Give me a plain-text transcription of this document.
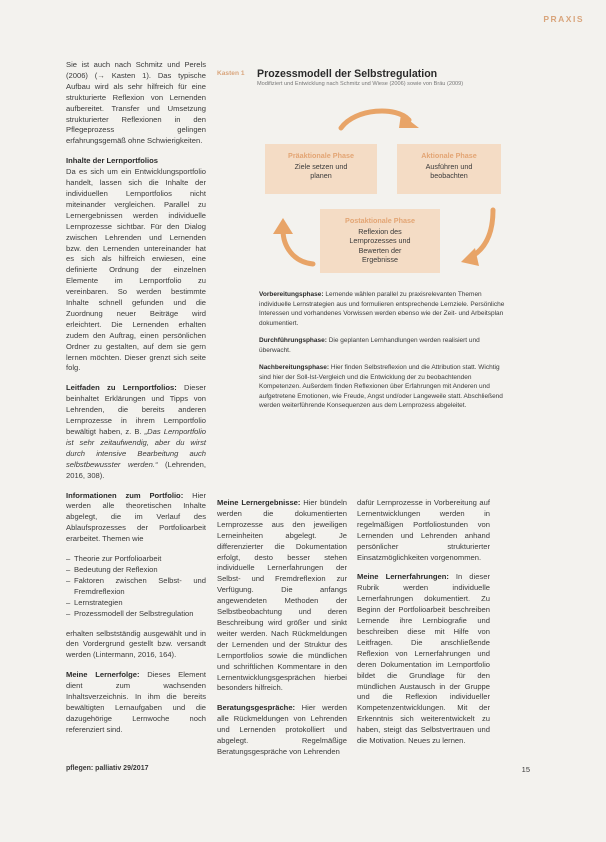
PRAXIS

Sie ist auch nach Schmitz und Perels (2006) (→ Kasten 1). Das typische Aufbau wird als sehr hilfreich für eine strukturierte Reflexion von Lernenden aufbereitet. Transfer und Umsetzung strukturierter Reflexionen in den Pflegeprozess gelingen erfahrungsgemäß ohne Schwierigkeiten.

Inhalte der Lernportfolios
Da es sich um ein Entwicklungsportfolio handelt, lassen sich die Inhalte der individuellen Lernportfolios nicht miteinander vergleichen. Parallel zu Lernergebnissen werden individuelle Lernprozesse sichtbar. Für den Dialog zwischen Lehrenden und Lernenden bzw. den Lernenden untereinander hat es sich als hilfreich erwiesen, eine definierte Ordnung der einzelnen Elemente im Lernportfolio zu vereinbaren. So werden bestimmte Inhalte schnell gefunden und die Zuordnung neuer Beiträge wird erleichtert. Die Lernenden erhalten zudem den Auftrag, einen persönlichen Ordner zu gestalten, auf dem sie gern lernen möchten. Dieser grenzt sich seite folg.

Leitfaden zu Lernportfolios: Dieser beinhaltet Erklärungen und Tipps von Lehrenden, die bereits anderen Lernprozesse in ihrem Lernportfolio bewältigt haben, z. B. „Das Lernportfolio ist sehr zeitaufwendig, aber du wirst durch intensive Bearbeitung auch selbstbewusster werden.“ (Lehrenden, 2016, 308).

Informationen zum Portfolio: Hier werden alle theoretischen Inhalte abgelegt, die im Verlauf des Ablaufsprozesses der Portfolioarbeit erarbeitet. Themen wie

– Theorie zur Portfolioarbeit
– Bedeutung der Reflexion
– Faktoren zwischen Selbst- und Fremdreflexion
– Lernstrategien
– Prozessmodell der Selbstregulation

erhalten selbstständig ausgewählt und in den Vordergrund gestellt bzw. versandt werden (Lintermann, 2016, 164).

Meine Lernerfolge: Dieses Element dient zum wachsenden Inhaltsverzeichnis. In ihm die bereits bewältigten Lernaufgaben und die dazugehörige Lernwoche noch referenziert sind.

Kasten 1 Prozessmodell der Selbstregulation
Modifiziert und Entwicklung nach Schmitz und Wiese (2006) sowie von Bräu (2009)
Präaktionale Phase
Ziele setzen und planen
Aktionale Phase
Ausführen und beobachten
Postaktionale Phase
Reflexion des Lernprozesses und Bewerten der Ergebnisse

Vorbereitungsphase: Lernende wählen parallel zu praxisrelevanten Themen individuelle Lernstrategien aus und formulieren entsprechende Lernziele. Persönliche Interessen und vorhandenes Vorwissen werden ebenso wie der Zeit- und Arbeitsplan dokumentiert.

Durchführungsphase: Die geplanten Lernhandlungen werden realisiert und überwacht.

Nachbereitungsphase: Hier finden Selbstreflexion und die Attribution statt. Wichtig sind hier der Soll-Ist-Vergleich und die Entwicklung der zu beobachtenden Kompetenzen. Außerdem finden Reflexionen über Erfahrungen mit Anderen und aufgetretene Emotionen, wie Freude, Angst und/oder Langeweile statt. Abschließend werden weiterführende Konsequenzen aus dem Lernprozess abgeleitet.

Meine Lernergebnisse: Hier bündeln werden die dokumentierten Lernprozesse aus den jeweiligen Lerneinheiten abgelegt. Je differenzierter die Dokumentation erfolgt, desto besser stehen individuelle Lernerfahrungen der Selbst- und Fremdreflexion zur Verfügung. Die anfangs angewendeten Methoden der Selbstbeobachtung und deren Beschreibung wird größer und sinkt weiter werden. Nach Rückmeldungen der Lernenden und der Struktur des Lernportfolios sowie die mündlichen und schriftlichen Kommentare in den Lernentwicklungsgesprächen hierbei besonders hilfreich.

Beratungsgespräche: Hier werden alle Rückmeldungen von Lehrenden und Lernenden protokolliert und abgelegt. Regelmäßige Beratungsgespräche von Lehrenden

dafür Lernprozesse in Vorbereitung auf Lernentwicklungen werden in regelmäßigen Portfoliostunden von Lernenden und Lehrenden anhand persönlicher strukturierter Einsatzmöglichkeiten vorgenommen.

Meine Lernerfahrungen: In dieser Rubrik werden individuelle Lernerfahrungen dokumentiert. Zu Beginn der Portfolioarbeit beschreiben Lernende ihre Lernbiografie und beschreiben diese mit Hilfe von Leitfragen. Die anschließende Reflexion von Lernerfahrungen und deren Dokumentation im Lernportfolio bildet die Grundlage für den mündlichen Austausch in der Gruppe und die Reflexion individueller Kompetenzentwicklungen. Mit der Erkenntnis sich weiterentwickelt zu haben, steigt das Selbstvertrauen und die Motivation. Neues zu lernen.

pflegen: palliativ 29/2017	15
